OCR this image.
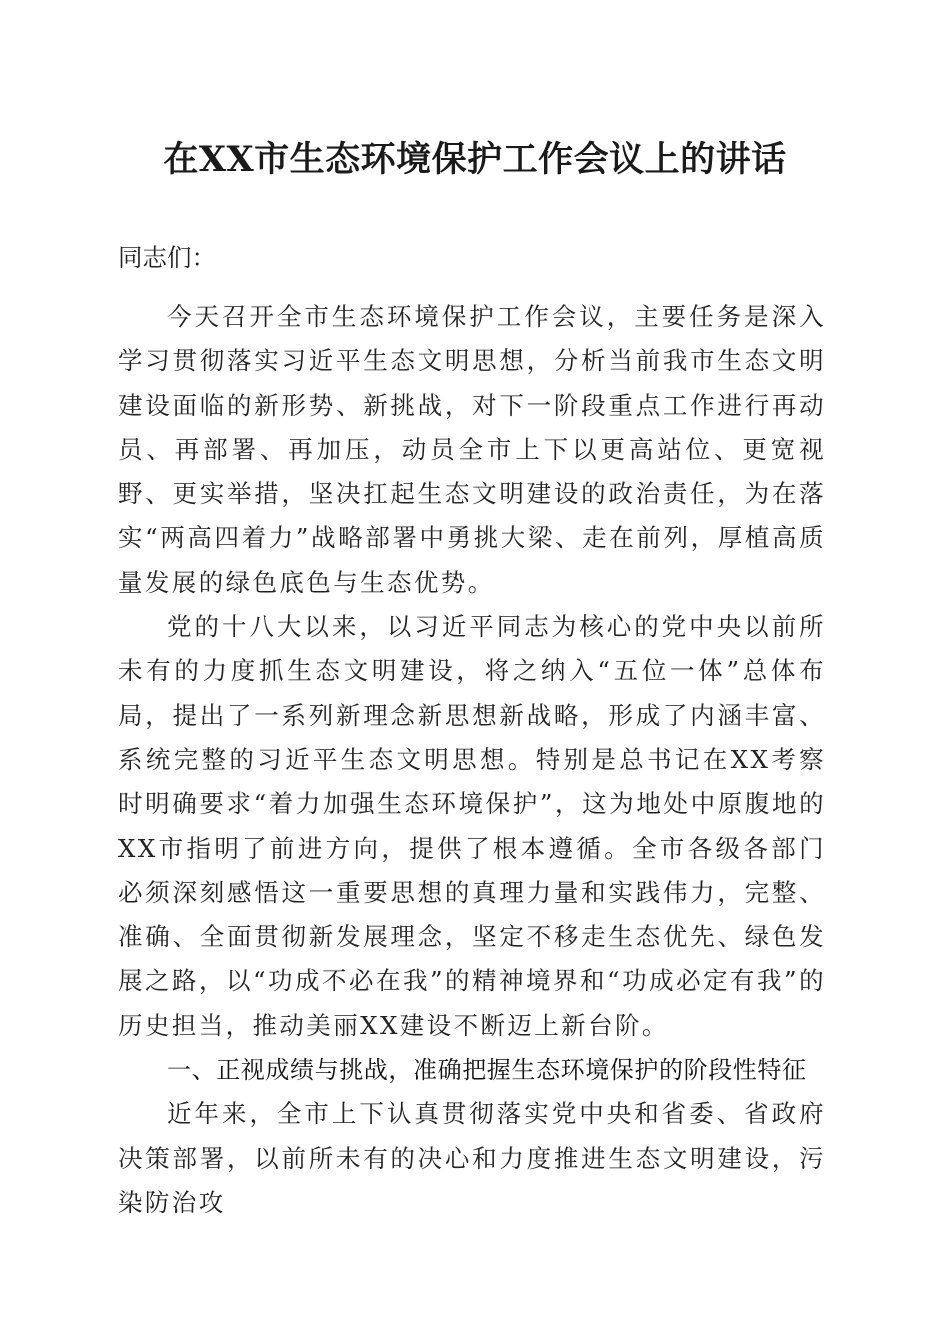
在XX市生态环境保护工作会议上的讲话

同志们：

今天召开全市生态环境保护工作会议，主要任务是深入学习贯彻落实习近平生态文明思想，分析当前我市生态文明建设面临的新形势、新挑战，对下一阶段重点工作进行再动员、再部署、再加压，动员全市上下以更高站位、更宽视野、更实举措，坚决扛起生态文明建设的政治责任，为在落实“两高四着力”战略部署中勇挑大梁、走在前列，厚植高质量发展的绿色底色与生态优势。

党的十八大以来，以习近平同志为核心的党中央以前所未有的力度抓生态文明建设，将之纳入“五位一体”总体布局，提出了一系列新理念新思想新战略，形成了内涵丰富、系统完整的习近平生态文明思想。特别是总书记在XX考察时明确要求“着力加强生态环境保护”，这为地处中原腹地的XX市指明了前进方向，提供了根本遵循。全市各级各部门必须深刻感悟这一重要思想的真理力量和实践伟力，完整、准确、全面贯彻新发展理念，坚定不移走生态优先、绿色发展之路，以“功成不必在我”的精神境界和“功成必定有我”的历史担当，推动美丽XX建设不断迈上新台阶。

一、正视成绩与挑战，准确把握生态环境保护的阶段性特征

近年来，全市上下认真贯彻落实党中央和省委、省政府决策部署，以前所未有的决心和力度推进生态文明建设，污染防治攻
